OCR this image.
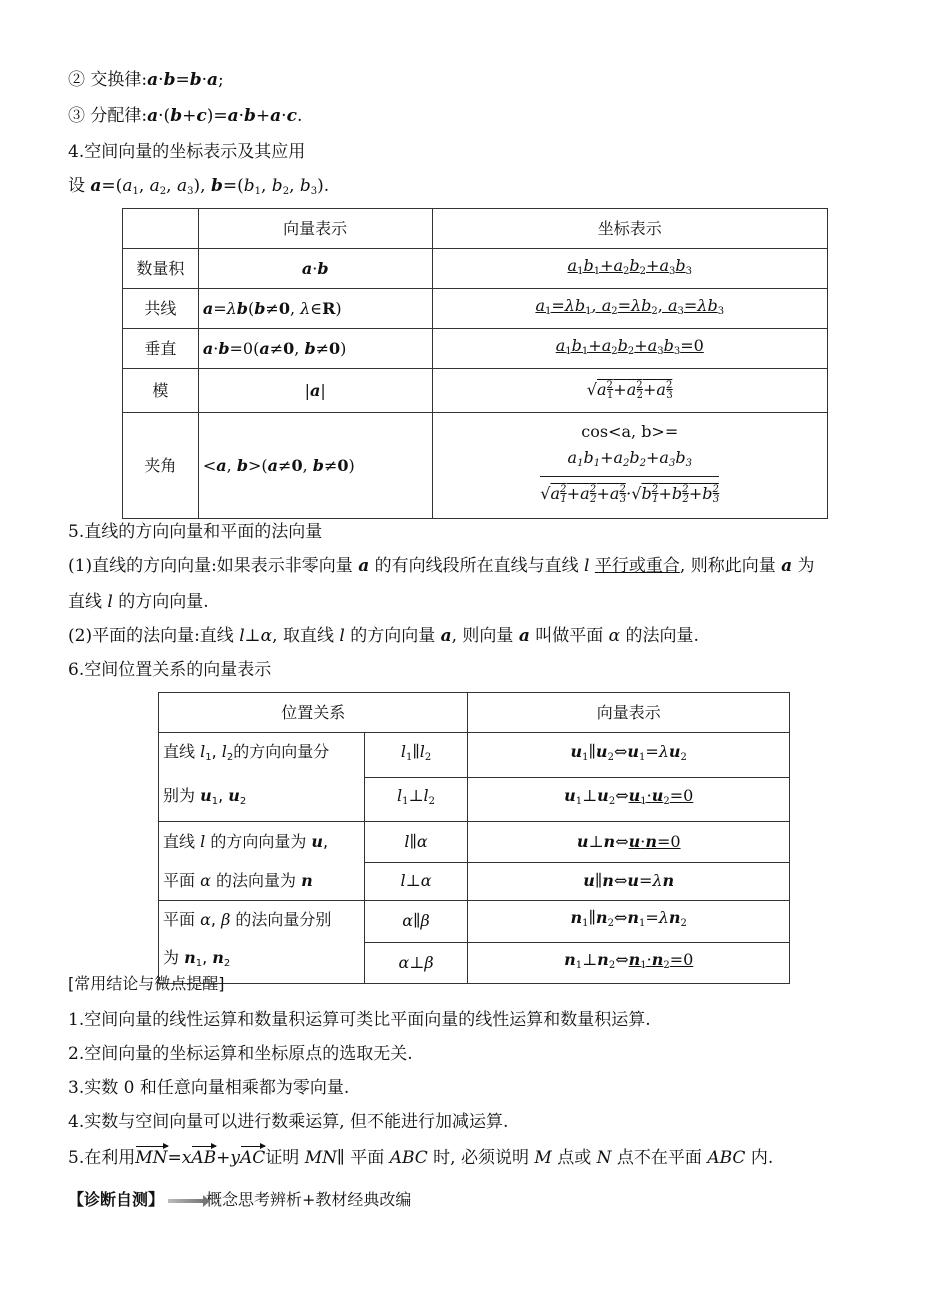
② 交换律:a·b=b·a;
③ 分配律:a·(b+c)=a·b+a·c.
4.空间向量的坐标表示及其应用
设 $a=(a_1$, $a_2$, $a_3$), $b=(b_1$, $b_2$, $b_3$).
	向量表示	坐标表示
数量积	a·b	$a_1b_1+a_2b_2+a_3b_3$
共线	a=λb(b≠0, λ∈R)	$a_1=\lambda b_1$, $a_2=\lambda b_2$, $a_3=\lambda b_3$
垂直	a·b=0(a≠0, b≠0)	$a_1b_1+a_2b_2+a_3b_3=0$
模	|a|	$√a^2_1+a^2_2+a^2_3$
夹角	<a, b>(a≠0, b≠0)	cos<a, b>=
$\frac{a_1b_1+a_2b_2+a_3b_3}{√a^2_1+a^2_2+a^2_3\cdot√b^2_1+b^2_2+b^2_3}$
5.直线的方向向量和平面的法向量
(1)直线的方向向量:如果表示非零向量 a 的有向线段所在直线与直线 l 平行或重合, 则称此向量 a 为
直线 l 的方向向量.
(2)平面的法向量:直线 l⊥α, 取直线 l 的方向向量 a, 则向量 a 叫做平面 α 的法向量.
6.空间位置关系的向量表示
位置关系		向量表示
直线 $l_1$, $l_2$的方向向量分
别为 $u_1$, $u_2$	$l_1\parallel l_2$	$u_1\parallel u_2\Leftrightarrow u_1=\lambda u_2$
	$l_1\perp l_2$	$u_1\perp u_2\Leftrightarrow u_1\cdot u_2=0$
直线 l 的方向向量为 u,
平面 α 的法向量为 n	l∥α	u⊥n⇔u·n=0
	l⊥α	u∥n⇔u=λn
平面 α, β 的法向量分别
为 $n_1$, $n_2$	α∥β	$n_1\parallel n_2\Leftrightarrow n_1=\lambda n_2$
	α⊥β	$n_1\perp n_2\Leftrightarrow n_1\cdot n_2=0$
[常用结论与微点提醒]
1.空间向量的线性运算和数量积运算可类比平面向量的线性运算和数量积运算.
2.空间向量的坐标运算和坐标原点的选取无关.
3.实数 0 和任意向量相乘都为零向量.
4.实数与空间向量可以进行数乘运算, 但不能进行加减运算.
5.在利用MN=xAB+yAC证明 MN∥ 平面 ABC 时, 必须说明 M 点或 N 点不在平面 ABC 内.
【诊断自测】	概念思考辨析+教材经典改编
